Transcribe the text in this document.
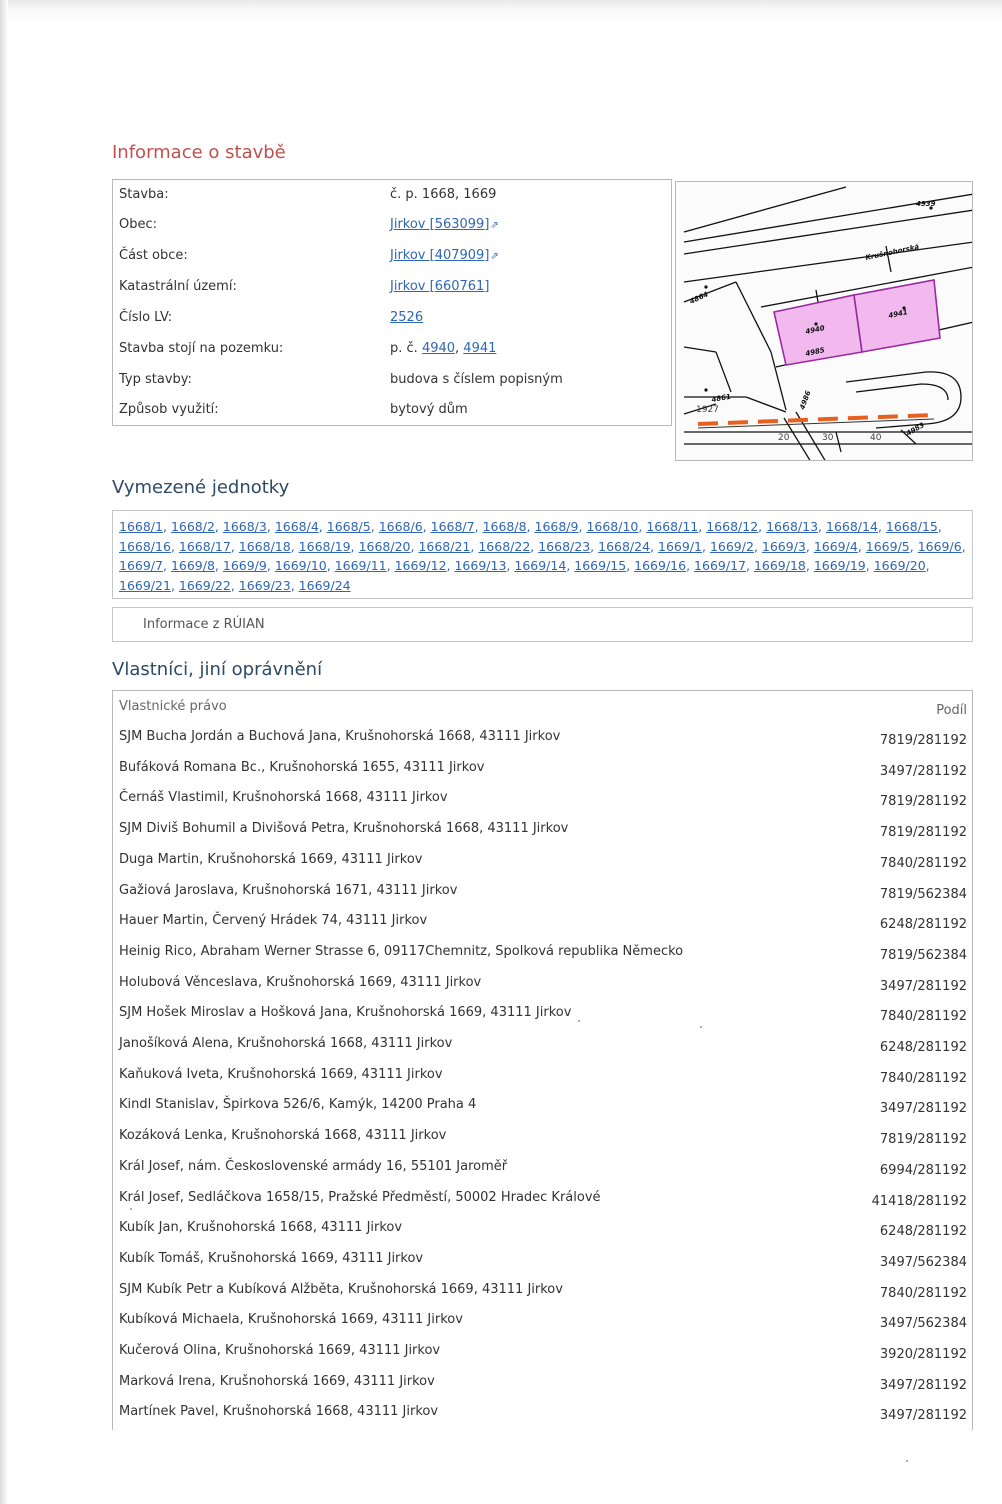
Informace o stavbě
Stavba:	č. p. 1668, 1669
Obec:	Jirkov [563099]⇗
Část obce:	Jirkov [407909]⇗
Katastrální území:	Jirkov [660761]
Číslo LV:	2526
Stavba stojí na pozemku:	p. č. 4940, 4941
Typ stavby:	budova s číslem popisným
Způsob využití:	bytový dům
4939
Krušnohorská
4864
4940
4941
4985
4861	4986
4983
1927
20	30	40
Vymezené jednotky
1668/1, 1668/2, 1668/3, 1668/4, 1668/5, 1668/6, 1668/7, 1668/8, 1668/9, 1668/10, 1668/11, 1668/12, 1668/13, 1668/14, 1668/15, 1668/16, 1668/17, 1668/18, 1668/19, 1668/20, 1668/21, 1668/22, 1668/23, 1668/24, 1669/1, 1669/2, 1669/3, 1669/4, 1669/5, 1669/6, 1669/7, 1669/8, 1669/9, 1669/10, 1669/11, 1669/12, 1669/13, 1669/14, 1669/15, 1669/16, 1669/17, 1669/18, 1669/19, 1669/20, 1669/21, 1669/22, 1669/23, 1669/24
Informace z RÚIAN
Vlastníci, jiní oprávnění
Vlastnické právo	Podíl
SJM Bucha Jordán a Buchová Jana, Krušnohorská 1668, 43111 Jirkov	7819/281192
Bufáková Romana Bc., Krušnohorská 1655, 43111 Jirkov	3497/281192
Černáš Vlastimil, Krušnohorská 1668, 43111 Jirkov	7819/281192
SJM Diviš Bohumil a Divišová Petra, Krušnohorská 1668, 43111 Jirkov	7819/281192
Duga Martin, Krušnohorská 1669, 43111 Jirkov	7840/281192
Gažiová Jaroslava, Krušnohorská 1671, 43111 Jirkov	7819/562384
Hauer Martin, Červený Hrádek 74, 43111 Jirkov	6248/281192
Heinig Rico, Abraham Werner Strasse 6, 09117Chemnitz, Spolková republika Německo	7819/562384
Holubová Věnceslava, Krušnohorská 1669, 43111 Jirkov	3497/281192
SJM Hošek Miroslav a Hošková Jana, Krušnohorská 1669, 43111 Jirkov	7840/281192
Janošíková Alena, Krušnohorská 1668, 43111 Jirkov	6248/281192
Kaňuková Iveta, Krušnohorská 1669, 43111 Jirkov	7840/281192
Kindl Stanislav, Špirkova 526/6, Kamýk, 14200 Praha 4	3497/281192
Kozáková Lenka, Krušnohorská 1668, 43111 Jirkov	7819/281192
Král Josef, nám. Československé armády 16, 55101 Jaroměř	6994/281192
Král Josef, Sedláčkova 1658/15, Pražské Předměstí, 50002 Hradec Králové	41418/281192
Kubík Jan, Krušnohorská 1668, 43111 Jirkov	6248/281192
Kubík Tomáš, Krušnohorská 1669, 43111 Jirkov	3497/562384
SJM Kubík Petr a Kubíková Alžběta, Krušnohorská 1669, 43111 Jirkov	7840/281192
Kubíková Michaela, Krušnohorská 1669, 43111 Jirkov	3497/562384
Kučerová Olina, Krušnohorská 1669, 43111 Jirkov	3920/281192
Marková Irena, Krušnohorská 1669, 43111 Jirkov	3497/281192
Martínek Pavel, Krušnohorská 1668, 43111 Jirkov	3497/281192
